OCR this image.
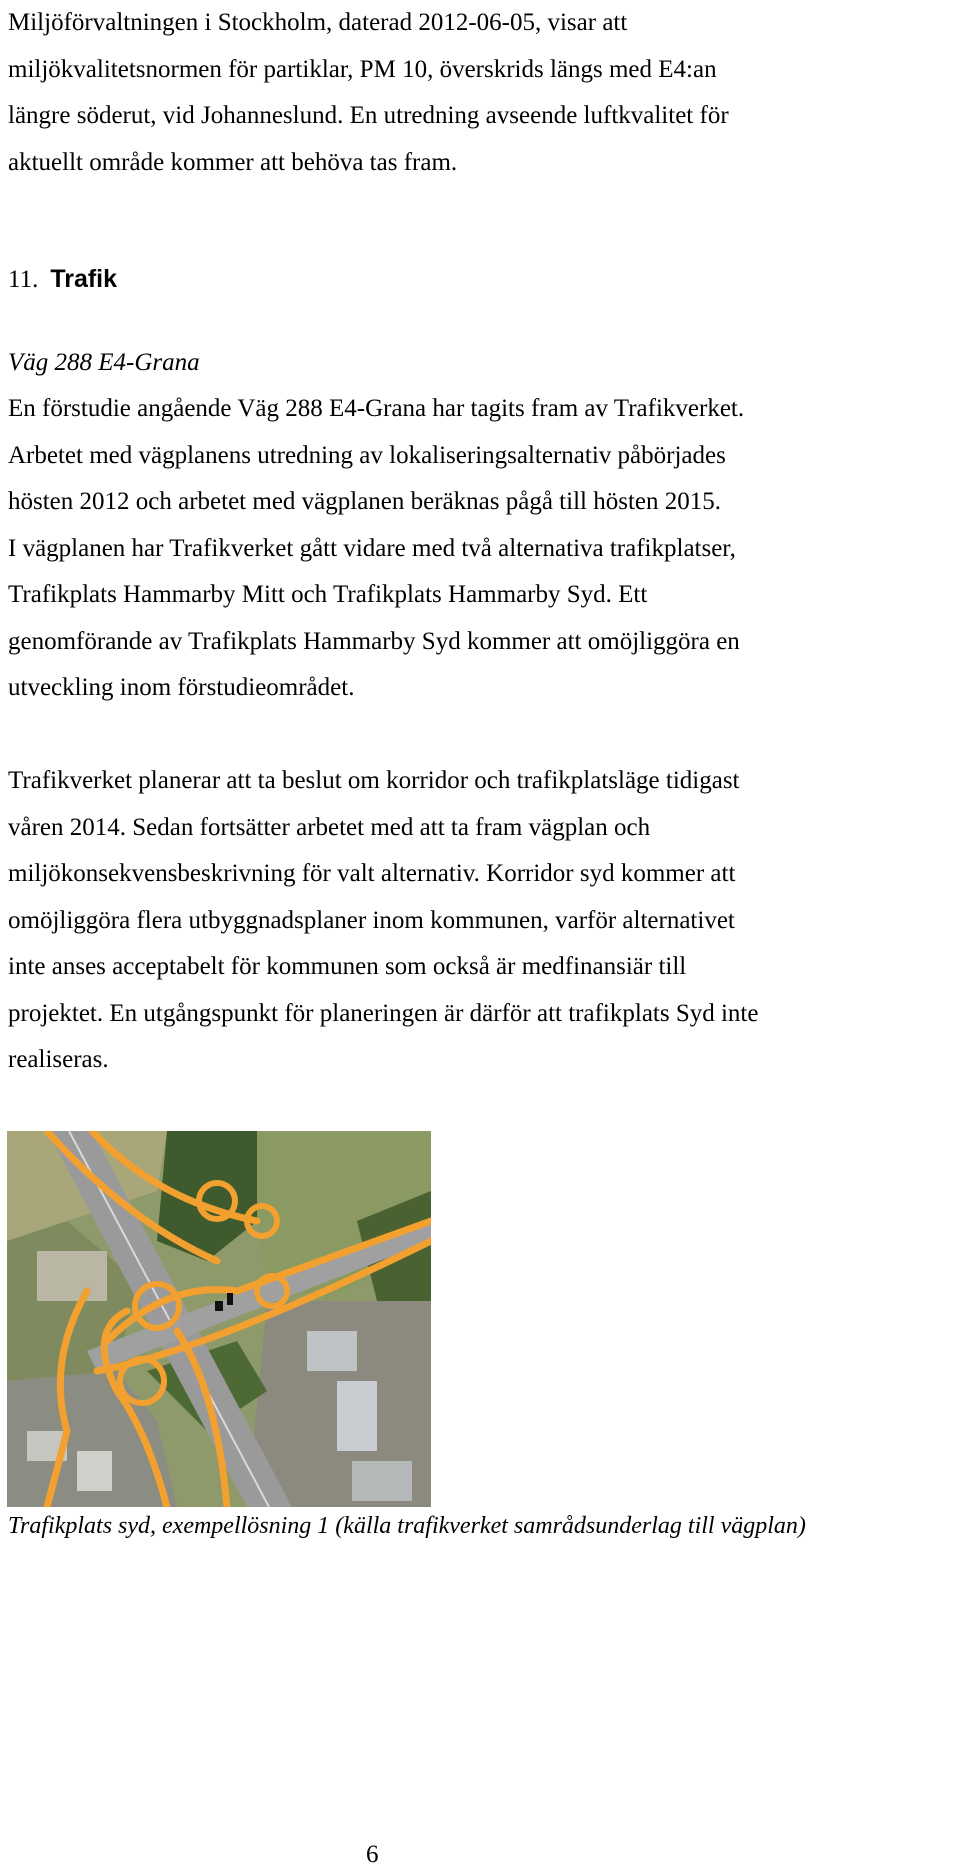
Miljöförvaltningen i Stockholm, daterad 2012-06-05, visar att
miljökvalitetsnormen för partiklar, PM 10, överskrids längs med E4:an
längre söderut, vid Johanneslund. En utredning avseende luftkvalitet för
aktuellt område kommer att behöva tas fram.
11. Trafik
Väg 288 E4-Grana
En förstudie angående Väg 288 E4-Grana har tagits fram av Trafikverket.
Arbetet med vägplanens utredning av lokaliseringsalternativ påbörjades
hösten 2012 och arbetet med vägplanen beräknas pågå till hösten 2015.
I vägplanen har Trafikverket gått vidare med två alternativa trafikplatser,
Trafikplats Hammarby Mitt och Trafikplats Hammarby Syd. Ett
genomförande av Trafikplats Hammarby Syd kommer att omöjliggöra en
utveckling inom förstudieområdet.
Trafikverket planerar att ta beslut om korridor och trafikplatsläge tidigast
våren 2014. Sedan fortsätter arbetet med att ta fram vägplan och
miljökonsekvensbeskrivning för valt alternativ. Korridor syd kommer att
omöjliggöra flera utbyggnadsplaner inom kommunen, varför alternativet
inte anses acceptabelt för kommunen som också är medfinansiär till
projektet. En utgångspunkt för planeringen är därför att trafikplats Syd inte
realiseras.
Trafikplats syd, exempellösning 1 (källa trafikverket samrådsunderlag till vägplan)
6
